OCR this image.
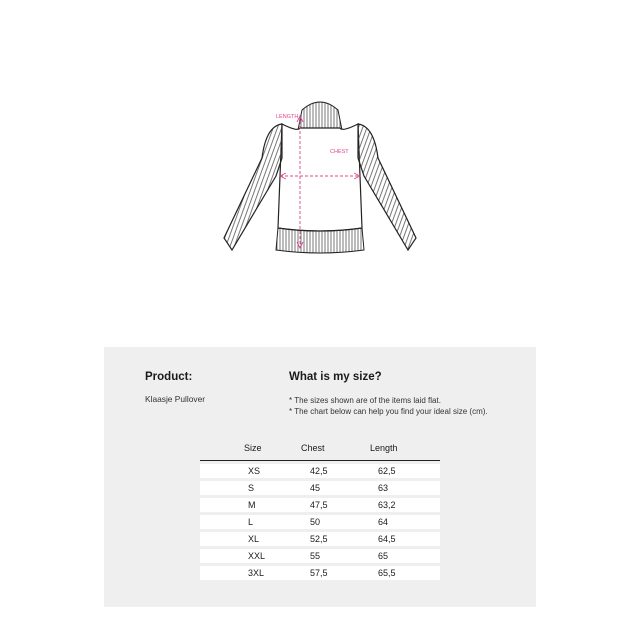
LENGTH
CHEST
Product:
Klaasje Pullover
What is my size?
* The sizes shown are of the items laid flat.
* The chart below can help you find your ideal size (cm).
Size	Chest	Length
XS	42,5	62,5
S	45	63
M	47,5	63,2
L	50	64
XL	52,5	64,5
XXL	55	65
3XL	57,5	65,5
